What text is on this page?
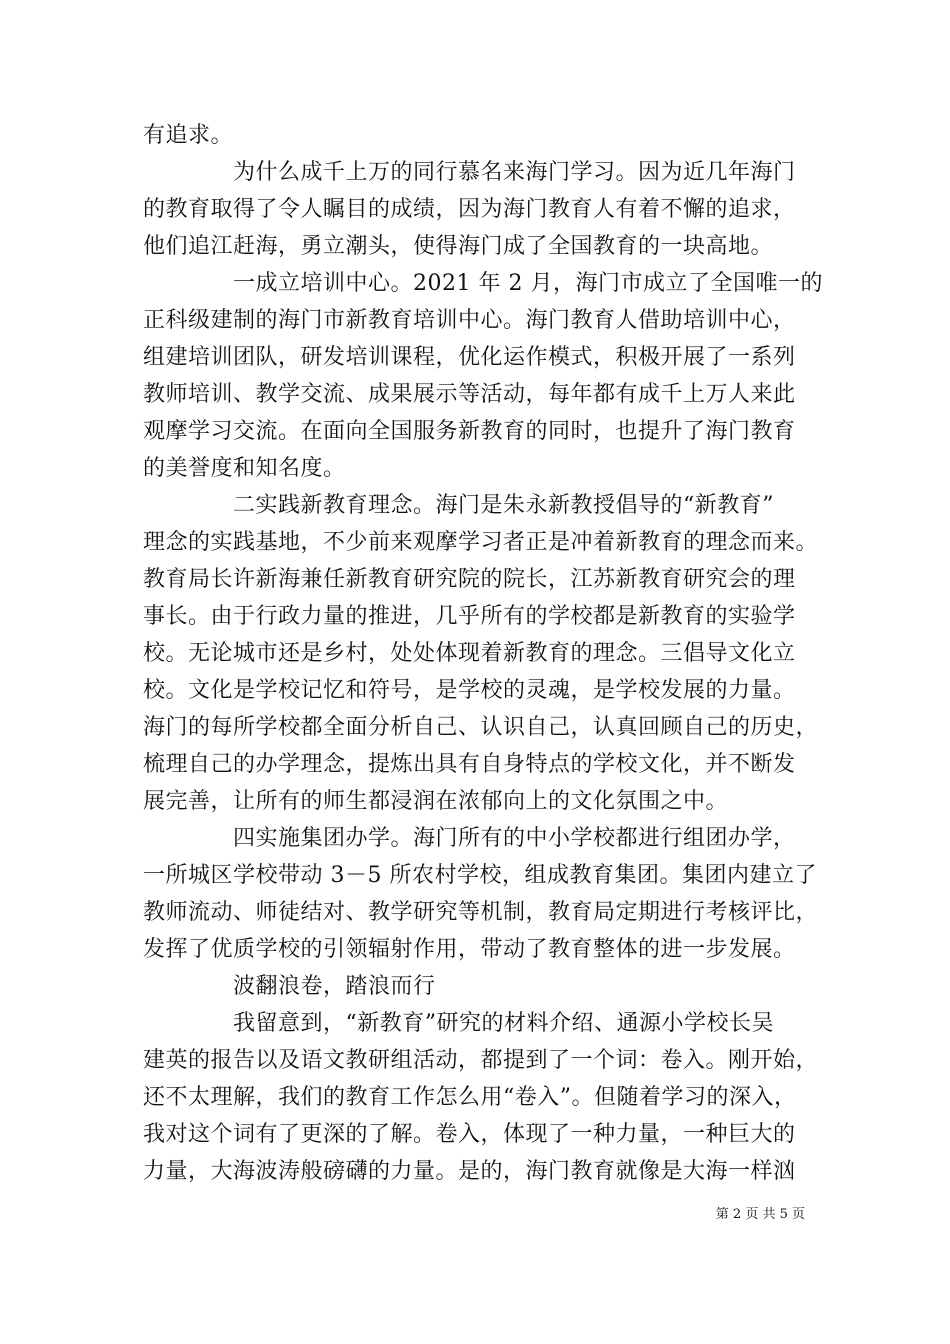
有追求。
　　　　为什么成千上万的同行慕名来海门学习。因为近几年海门
的教育取得了令人瞩目的成绩，因为海门教育人有着不懈的追求，
他们追江赶海，勇立潮头，使得海门成了全国教育的一块高地。
　　　　一成立培训中心。2021 年 2 月，海门市成立了全国唯一的
正科级建制的海门市新教育培训中心。海门教育人借助培训中心，
组建培训团队，研发培训课程，优化运作模式，积极开展了一系列
教师培训、教学交流、成果展示等活动，每年都有成千上万人来此
观摩学习交流。在面向全国服务新教育的同时，也提升了海门教育
的美誉度和知名度。
　　　　二实践新教育理念。海门是朱永新教授倡导的“新教育”
理念的实践基地，不少前来观摩学习者正是冲着新教育的理念而来。
教育局长许新海兼任新教育研究院的院长，江苏新教育研究会的理
事长。由于行政力量的推进，几乎所有的学校都是新教育的实验学
校。无论城市还是乡村，处处体现着新教育的理念。三倡导文化立
校。文化是学校记忆和符号，是学校的灵魂，是学校发展的力量。
海门的每所学校都全面分析自己、认识自己，认真回顾自己的历史，
梳理自己的办学理念，提炼出具有自身特点的学校文化，并不断发
展完善，让所有的师生都浸润在浓郁向上的文化氛围之中。
　　　　四实施集团办学。海门所有的中小学校都进行组团办学，
一所城区学校带动 3－5 所农村学校，组成教育集团。集团内建立了
教师流动、师徒结对、教学研究等机制，教育局定期进行考核评比，
发挥了优质学校的引领辐射作用，带动了教育整体的进一步发展。
　　　　波翻浪卷，踏浪而行
　　　　我留意到，“新教育”研究的材料介绍、通源小学校长吴
建英的报告以及语文教研组活动，都提到了一个词：卷入。刚开始，
还不太理解，我们的教育工作怎么用“卷入”。但随着学习的深入，
我对这个词有了更深的了解。卷入，体现了一种力量，一种巨大的
力量，大海波涛般磅礴的力量。是的，海门教育就像是大海一样汹
第 2 页 共 5 页
